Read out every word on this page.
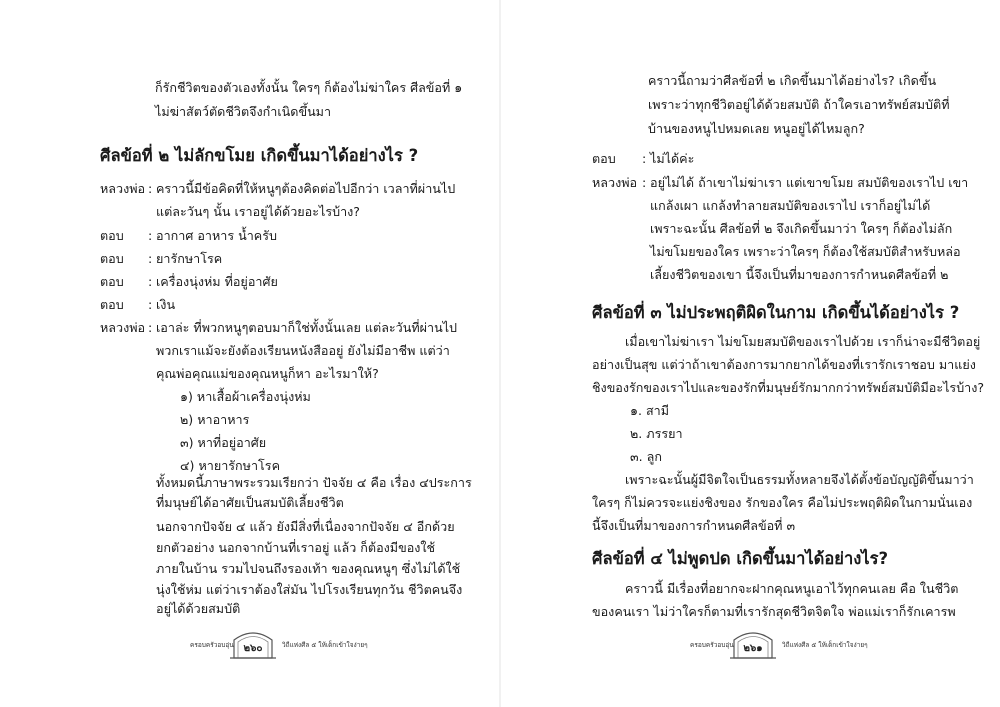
ก็รักชีวิตของตัวเองทั้งนั้น ใครๆ ก็ต้องไม่ฆ่าใคร ศีลข้อที่ ๑
ไม่ฆ่าสัตว์ตัดชีวิตจึงกำเนิดขึ้นมา
ศีลข้อที่ ๒ ไม่ลักขโมย เกิดขึ้นมาได้อย่างไร ?
หลวงพ่อ : คราวนี้มีข้อคิดที่ให้หนูๆต้องคิดต่อไปอีกว่า เวลาที่ผ่านไป
แต่ละวันๆ นั้น เราอยู่ได้ด้วยอะไรบ้าง?
ตอบ : อากาศ อาหาร น้ำครับ
ตอบ : ยารักษาโรค
ตอบ : เครื่องนุ่งห่ม ที่อยู่อาศัย
ตอบ : เงิน
หลวงพ่อ : เอาล่ะ ที่พวกหนูๆตอบมาก็ใช่ทั้งนั้นเลย แต่ละวันที่ผ่านไป
พวกเราแม้จะยังต้องเรียนหนังสืออยู่ ยังไม่มีอาชีพ แต่ว่า
คุณพ่อคุณแม่ของคุณหนูก็หา อะไรมาให้?
๑) หาเสื้อผ้าเครื่องนุ่งห่ม
๒) หาอาหาร
๓) หาที่อยู่อาศัย
๔) หายารักษาโรค
ทั้งหมดนี้ภาษาพระรวมเรียกว่า ปัจจัย ๔ คือ เรื่อง ๔ประการ
ที่มนุษย์ได้อาศัยเป็นสมบัติเลี้ยงชีวิต
นอกจากปัจจัย ๔ แล้ว ยังมีสิ่งที่เนื่องจากปัจจัย ๔ อีกด้วย
ยกตัวอย่าง นอกจากบ้านที่เราอยู่ แล้ว ก็ต้องมีของใช้
ภายในบ้าน รวมไปจนถึงรองเท้า ของคุณหนูๆ ซึ่งไม่ได้ใช้
นุ่งใช้ห่ม แต่ว่าเราต้องใส่มัน ไปโรงเรียนทุกวัน ชีวิตคนจึง
อยู่ได้ด้วยสมบัติ
ครอบครัวอบอุ่น ๒๖๐	วิถีแห่งศีล ๕ ให้เด็กเข้าใจง่ายๆ
คราวนี้ถามว่าศีลข้อที่ ๒ เกิดขึ้นมาได้อย่างไร? เกิดขึ้น
เพราะว่าทุกชีวิตอยู่ได้ด้วยสมบัติ ถ้าใครเอาทรัพย์สมบัติที่
บ้านของหนูไปหมดเลย หนูอยู่ได้ไหมลูก?
ตอบ : ไม่ได้ค่ะ
หลวงพ่อ : อยู่ไม่ได้ ถ้าเขาไม่ฆ่าเรา แต่เขาขโมย สมบัติของเราไป เขา
แกล้งเผา แกล้งทำลายสมบัติของเราไป เราก็อยู่ไม่ได้
เพราะฉะนั้น ศีลข้อที่ ๒ จึงเกิดขึ้นมาว่า ใครๆ ก็ต้องไม่ลัก
ไม่ขโมยของใคร เพราะว่าใครๆ ก็ต้องใช้สมบัติสำหรับหล่อ
เลี้ยงชีวิตของเขา นี้จึงเป็นที่มาของการกำหนดศีลข้อที่ ๒
ศีลข้อที่ ๓ ไม่ประพฤติผิดในกาม เกิดขึ้นได้อย่างไร ?
เมื่อเขาไม่ฆ่าเรา ไม่ขโมยสมบัติของเราไปด้วย เราก็น่าจะมีชีวิตอยู่
อย่างเป็นสุข แต่ว่าถ้าเขาต้องการมากยากได้ของที่เรารักเราชอบ มาแย่ง
ชิงของรักของเราไปและของรักที่มนุษย์รักมากกว่าทรัพย์สมบัติมีอะไรบ้าง?
๑. สามี
๒. ภรรยา
๓. ลูก
เพราะฉะนั้นผู้มีจิตใจเป็นธรรมทั้งหลายจึงได้ตั้งข้อบัญญัติขึ้นมาว่า
ใครๆ ก็ไม่ควรจะแย่งชิงของ รักของใคร คือไม่ประพฤติผิดในกามนั่นเอง
นี้จึงเป็นที่มาของการกำหนดศีลข้อที่ ๓
ศีลข้อที่ ๔ ไม่พูดปด เกิดขึ้นมาได้อย่างไร?
คราวนี้ มีเรื่องที่อยากจะฝากคุณหนูเอาไว้ทุกคนเลย คือ ในชีวิต
ของคนเรา ไม่ว่าใครก็ตามที่เรารักสุดชีวิตจิตใจ พ่อแม่เราก็รักเคารพ
ครอบครัวอบอุ่น ๒๖๑	วิถีแห่งศีล ๕ ให้เด็กเข้าใจง่ายๆ
